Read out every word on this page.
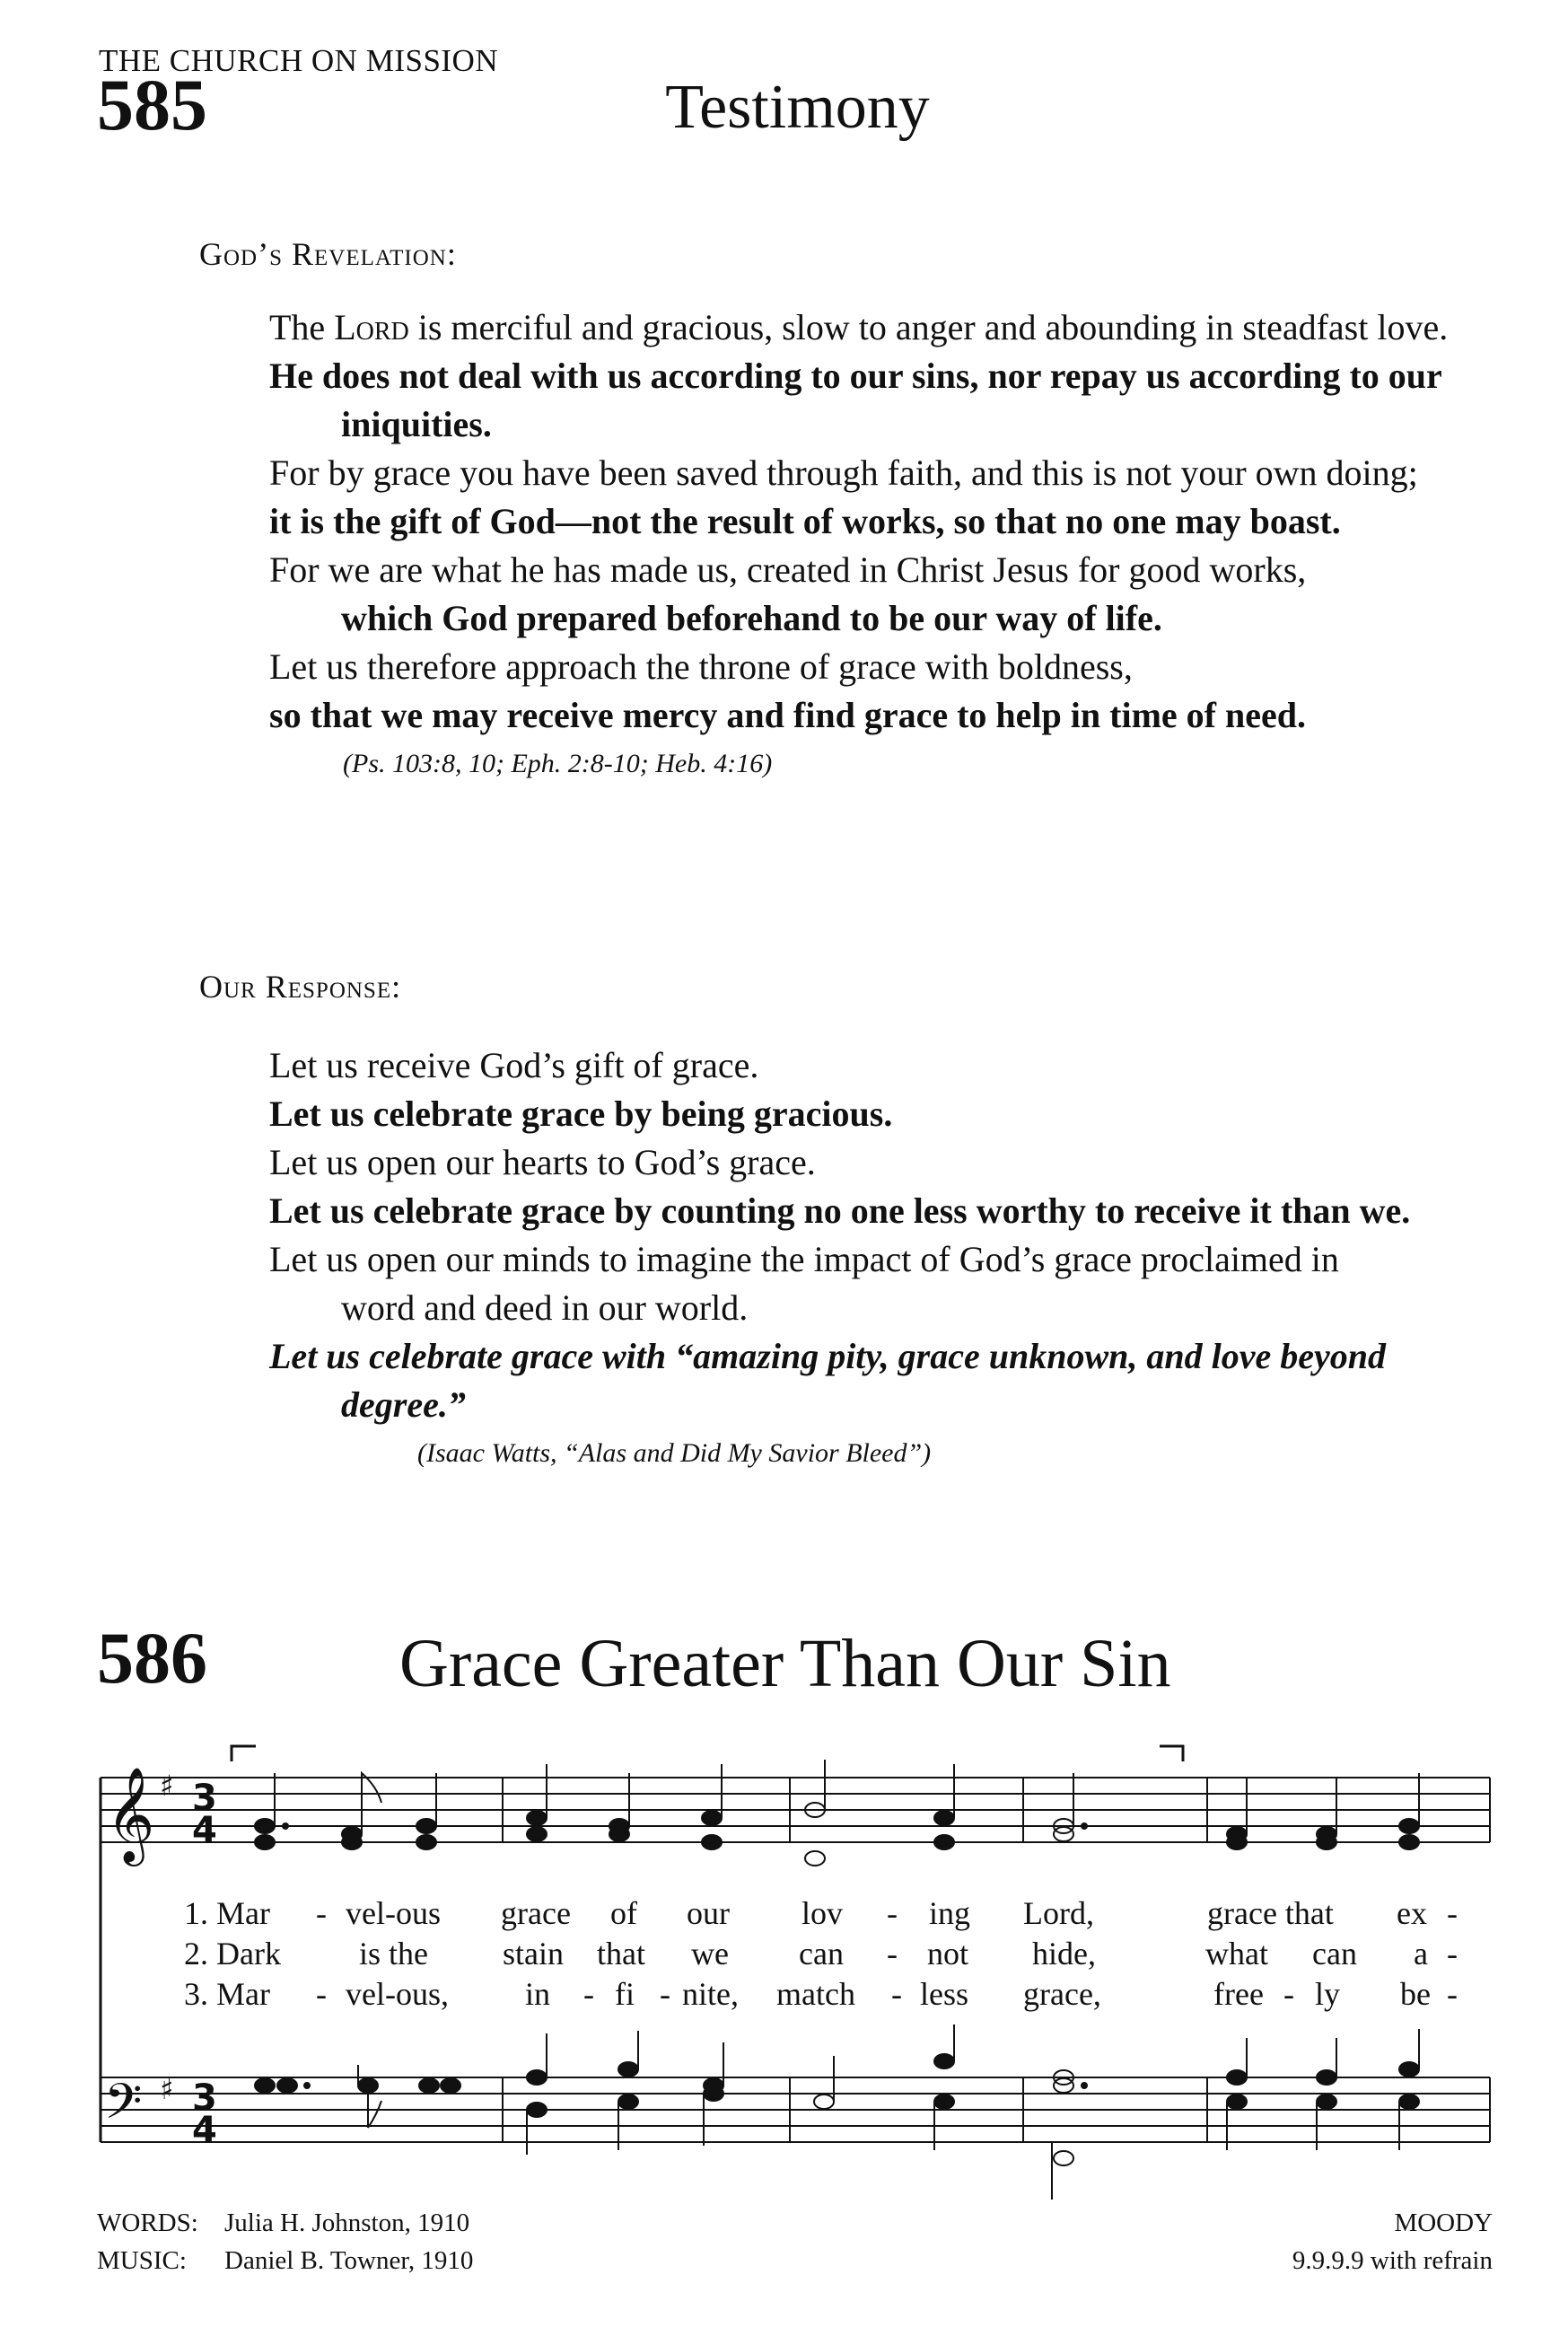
THE CHURCH ON MISSION
585	Testimony
God’s Revelation:
The Lord is merciful and gracious, slow to anger and abounding in steadfast love.
He does not deal with us according to our sins, nor repay us according to our iniquities.
For by grace you have been saved through faith, and this is not your own doing;
it is the gift of God—not the result of works, so that no one may boast.
For we are what he has made us, created in Christ Jesus for good works,
which God prepared beforehand to be our way of life.
Let us therefore approach the throne of grace with boldness,
so that we may receive mercy and find grace to help in time of need.
(Ps. 103:8, 10; Eph. 2:8-10; Heb. 4:16)
Our Response:
Let us receive God’s gift of grace.
Let us celebrate grace by being gracious.
Let us open our hearts to God’s grace.
Let us celebrate grace by counting no one less worthy to receive it than we.
Let us open our minds to imagine the impact of God’s grace proclaimed in word and deed in our world.
Let us celebrate grace with “amazing pity, grace unknown, and love beyond degree.”
(Isaac Watts, “Alas and Did My Savior Bleed”)
586	Grace Greater Than Our Sin
𝄞 ♯ 3
4
𝄢 ♯ 3
4
1. Mar - vel-ous grace of our lov - ing Lord,	grace that ex -
2. Dark is the stain that we can - not hide,	what can a -
3. Mar - vel-ous, in - fi - nite, match - less grace,	free - ly be -
WORDS: Julia H. Johnston, 1910
MUSIC: Daniel B. Towner, 1910
MOODY
9.9.9.9 with refrain
